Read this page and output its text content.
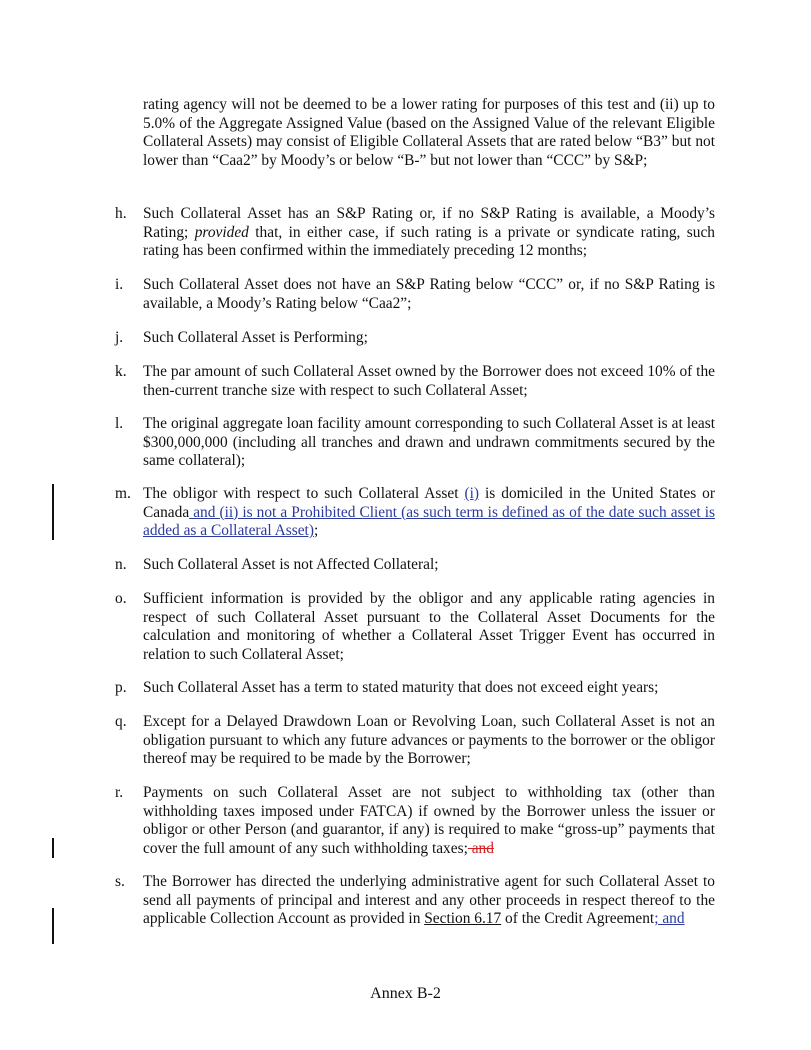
rating agency will not be deemed to be a lower rating for purposes of this test and (ii) up to 5.0% of the Aggregate Assigned Value (based on the Assigned Value of the relevant Eligible Collateral Assets) may consist of Eligible Collateral Assets that are rated below “B3” but not lower than “Caa2” by Moody’s or below “B-” but not lower than “CCC” by S&P;

h. Such Collateral Asset has an S&P Rating or, if no S&P Rating is available, a Moody’s Rating; provided that, in either case, if such rating is a private or syndicate rating, such rating has been confirmed within the immediately preceding 12 months;

i. Such Collateral Asset does not have an S&P Rating below “CCC” or, if no S&P Rating is available, a Moody’s Rating below “Caa2”;

j. Such Collateral Asset is Performing;

k. The par amount of such Collateral Asset owned by the Borrower does not exceed 10% of the then-current tranche size with respect to such Collateral Asset;

l. The original aggregate loan facility amount corresponding to such Collateral Asset is at least $300,000,000 (including all tranches and drawn and undrawn commitments secured by the same collateral);

m. The obligor with respect to such Collateral Asset (i) is domiciled in the United States or Canada and (ii) is not a Prohibited Client (as such term is defined as of the date such asset is added as a Collateral Asset);

n. Such Collateral Asset is not Affected Collateral;

o. Sufficient information is provided by the obligor and any applicable rating agencies in respect of such Collateral Asset pursuant to the Collateral Asset Documents for the calculation and monitoring of whether a Collateral Asset Trigger Event has occurred in relation to such Collateral Asset;

p. Such Collateral Asset has a term to stated maturity that does not exceed eight years;

q. Except for a Delayed Drawdown Loan or Revolving Loan, such Collateral Asset is not an obligation pursuant to which any future advances or payments to the borrower or the obligor thereof may be required to be made by the Borrower;

r. Payments on such Collateral Asset are not subject to withholding tax (other than withholding taxes imposed under FATCA) if owned by the Borrower unless the issuer or obligor or other Person (and guarantor, if any) is required to make “gross-up” payments that cover the full amount of any such withholding taxes; and

s. The Borrower has directed the underlying administrative agent for such Collateral Asset to send all payments of principal and interest and any other proceeds in respect thereof to the applicable Collection Account as provided in Section 6.17 of the Credit Agreement; and

Annex B-2
